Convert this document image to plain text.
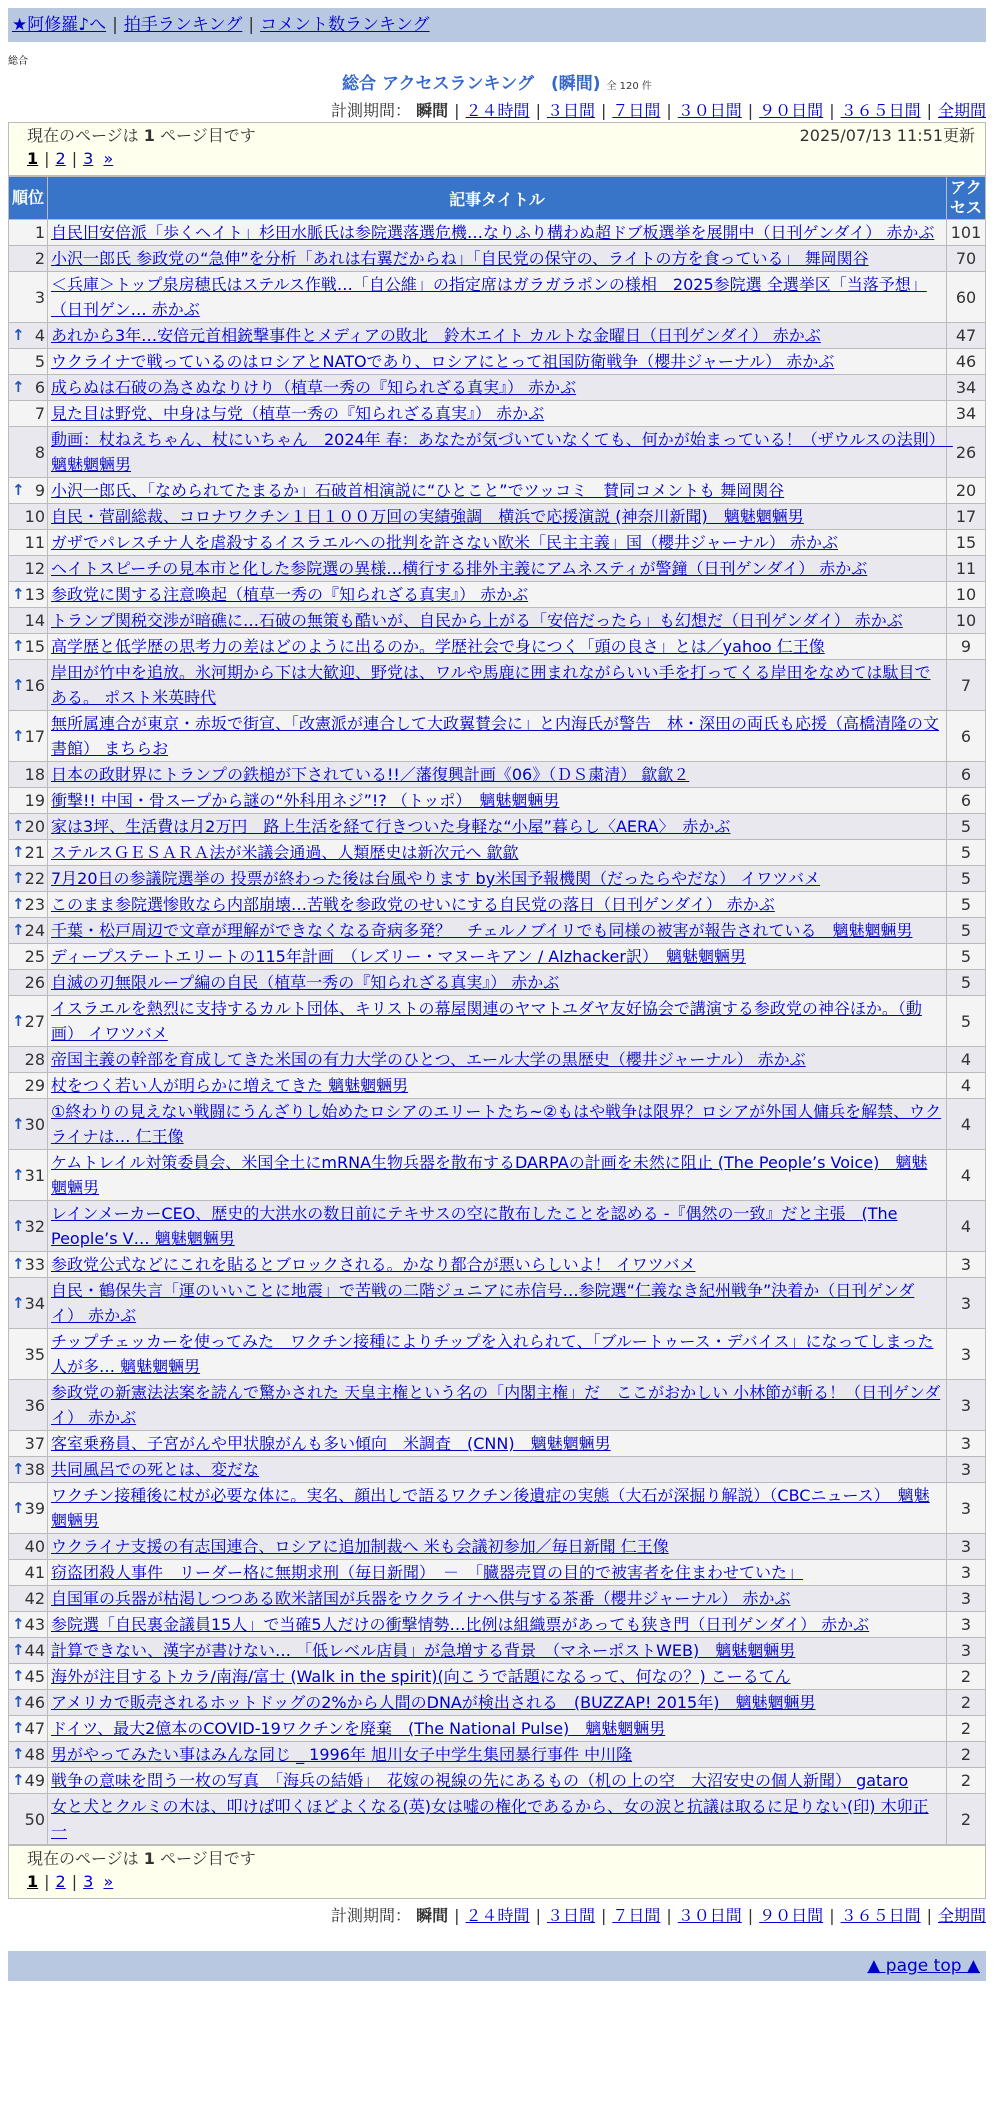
★阿修羅♪へ | 拍手ランキング | コメント数ランキング
総合
総合 アクセスランキング　(瞬間) 全 120 件
計測期間： 瞬間 | ２４時間 | ３日間 | ７日間 | ３０日間 | ９０日間 | ３６５日間 | 全期間
現在のページは 1 ページ目です	2025/07/13 11:51更新
1 | 2 | 3 »
順位	記事タイトル	アクセス
1	自民旧安倍派「歩くヘイト」杉田水脈氏は参院選落選危機…なりふり構わぬ超ドブ板選挙を展開中（日刊ゲンダイ） 赤かぶ	101
2	小沢一郎氏 参政党の“急伸”を分析「あれは右翼だからね」「自民党の保守の、ライトの方を食っている」 舞岡関谷	70
3	＜兵庫＞トップ泉房穂氏はステルス作戦…「自公維」の指定席はガラガラポンの様相　2025参院選 全選挙区「当落予想」（日刊ゲン… 赤かぶ	60

↑ 4	あれから3年…安倍元首相銃撃事件とメディアの敗北　鈴木エイト カルトな金曜日（日刊ゲンダイ） 赤かぶ	47
5	ウクライナで戦っているのはロシアとNATOであり、ロシアにとって祖国防衛戦争（櫻井ジャーナル） 赤かぶ	46

↑ 6	成らぬは石破の為さぬなりけり（植草一秀の『知られざる真実』） 赤かぶ	34
7	見た目は野党、中身は与党（植草一秀の『知られざる真実』） 赤かぶ	34
8	動画：杖ねえちゃん、杖にいちゃん　2024年 春：あなたが気づいていなくても、何かが始まっている！（ザウルスの法則）　魑魅魍魎男	26

↑ 9	小沢一郎氏、「なめられてたまるか」石破首相演説に“ひとこと”でツッコミ　賛同コメントも 舞岡関谷	20
10	自民・菅副総裁、コロナワクチン１日１００万回の実績強調　横浜で応援演説 (神奈川新聞)　魑魅魍魎男	17
11	ガザでパレスチナ人を虐殺するイスラエルへの批判を許さない欧米「民主主義」国（櫻井ジャーナル） 赤かぶ	15
12	ヘイトスピーチの見本市と化した参院選の異様…横行する排外主義にアムネスティが警鐘（日刊ゲンダイ） 赤かぶ	11

↑ 13	参政党に関する注意喚起（植草一秀の『知られざる真実』） 赤かぶ	10
14	トランプ関税交渉が暗礁に…石破の無策も酷いが、自民から上がる「安倍だったら」も幻想だ（日刊ゲンダイ） 赤かぶ	10

↑ 15	高学歴と低学歴の思考力の差はどのように出るのか。学歴社会で身につく「頭の良さ」とは／yahoo 仁王像	9

↑ 16	岸田が竹中を追放。氷河期から下は大歓迎、野党は、ワルや馬鹿に囲まれながらいい手を打ってくる岸田をなめては駄目である。 ポスト米英時代	7

↑ 17	無所属連合が東京・赤坂で街宣、「改憲派が連合して大政翼賛会に」と内海氏が警告　林・深田の両氏も応援（高橋清隆の文書館） まちらお	6
18	日本の政財界にトランプの鉄槌が下されている!!／藩復興計画《06》（ＤＳ粛清） 歙歙２	6
19	衝撃!! 中国・骨スープから謎の“外科用ネジ”!? （トッポ）　魑魅魍魎男	6

↑ 20	家は3坪、生活費は月2万円　路上生活を経て行きついた身軽な“小屋”暮らし〈AERA〉　赤かぶ	5

↑ 21	ステルスＧＥＳＡＲＡ法が米議会通過、人類歴史は新次元へ 歙歙	5

↑ 22	7月20日の参議院選挙の 投票が終わった後は台風やります by米国予報機関（だったらやだな） イワツバメ	5

↑ 23	このまま参院選惨敗なら内部崩壊…苦戦を参政党のせいにする自民党の落日（日刊ゲンダイ） 赤かぶ	5

↑ 24	千葉・松戸周辺で文章が理解ができなくなる奇病多発？　チェルノブイリでも同様の被害が報告されている　魑魅魍魎男	5
25	ディープステートエリートの115年計画　（レズリー・マヌーキアン / Alzhacker訳）　魑魅魍魎男	5
26	自滅の刃無限ループ編の自民（植草一秀の『知られざる真実』） 赤かぶ	5

↑ 27	イスラエルを熱烈に支持するカルト団体、キリストの幕屋関連のヤマトユダヤ友好協会で講演する参政党の神谷ほか。（動画） イワツバメ	5
28	帝国主義の幹部を育成してきた米国の有力大学のひとつ、エール大学の黒歴史（櫻井ジャーナル） 赤かぶ	4
29	杖をつく若い人が明らかに増えてきた 魑魅魍魎男	4

↑ 30	①終わりの見えない戦闘にうんざりし始めたロシアのエリートたち~②もはや戦争は限界？ロシアが外国人傭兵を解禁、ウクライナは… 仁王像	4

↑ 31	ケムトレイル対策委員会、米国全土にmRNA生物兵器を散布するDARPAの計画を未然に阻止 (The People’s Voice)　魑魅魍魎男	4

↑ 32	レインメーカーCEO、歴史的大洪水の数日前にテキサスの空に散布したことを認める -『偶然の一致』だと主張　(The People’s V… 魑魅魍魎男	4

↑ 33	参政党公式などにこれを貼るとブロックされる。かなり都合が悪いらしいよ！ イワツバメ	3

↑ 34	自民・鶴保失言「運のいいことに地震」で苦戦の二階ジュニアに赤信号…参院選“仁義なき紀州戦争”決着か（日刊ゲンダイ） 赤かぶ	3
35	チップチェッカーを使ってみた　ワクチン接種によりチップを入れられて、「ブルートゥース・デバイス」になってしまった人が多… 魑魅魍魎男	3
36	参政党の新憲法法案を読んで驚かされた 天皇主権という名の「内閣主権」だ　ここがおかしい 小林節が斬る！（日刊ゲンダイ） 赤かぶ	3
37	客室乗務員、子宮がんや甲状腺がんも多い傾向　米調査　(CNN)　魑魅魍魎男	3

↑ 38	共同風呂での死とは、変だな	3

↑ 39	ワクチン接種後に杖が必要な体に。実名、顔出しで語るワクチン後遺症の実態（大石が深掘り解説）（CBCニュース）　魑魅魍魎男	3
40	ウクライナ支援の有志国連合、ロシアに追加制裁へ 米も会議初参加／毎日新聞 仁王像	3
41	窃盗团殺人事件　リーダー格に無期求刑（毎日新聞）　－　「臓器売買の目的で被害者を住まわせていた」	3
42	自国軍の兵器が枯渇しつつある欧米諸国が兵器をウクライナへ供与する茶番（櫻井ジャーナル） 赤かぶ	3

↑ 43	参院選「自民裏金議員15人」で当確5人だけの衝撃情勢…比例は組織票があっても狭き門（日刊ゲンダイ） 赤かぶ	3

↑ 44	計算できない、漢字が書けない… 「低レベル店員」が急増する背景　（マネーポストWEB)　魑魅魍魎男	3

↑ 45	海外が注目するトカラ/南海/富士 (Walk in the spirit)(向こうで話題になるって、何なの？) こーるてん	2

↑ 46	アメリカで販売されるホットドッグの2%から人間のDNAが検出される　(BUZZAP! 2015年)　魑魅魍魎男	2

↑ 47	ドイツ、最大2億本のCOVID-19ワクチンを廃棄　(The National Pulse)　魑魅魍魎男	2

↑ 48	男がやってみたい事はみんな同じ _ 1996年 旭川女子中学生集団暴行事件 中川隆	2

↑ 49	戦争の意味を問う一枚の写真　「海兵の結婚」　花嫁の視線の先にあるもの（机の上の空　大沼安史の個人新聞） gataro	2
50	女と犬とクルミの木は、叩けば叩くほどよくなる(英)女は嘘の権化であるから、女の涙と抗議は取るに足りない(印) 木卯正一	2
現在のページは 1 ページ目です
1 | 2 | 3 »
計測期間： 瞬間 | ２４時間 | ３日間 | ７日間 | ３０日間 | ９０日間 | ３６５日間 | 全期間
▲ page top ▲
